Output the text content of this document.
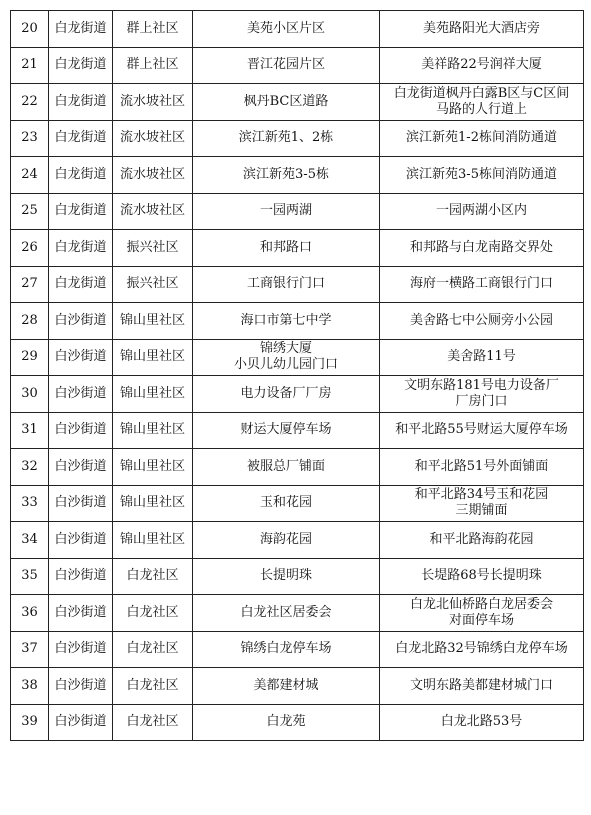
20	白龙街道	群上社区	美苑小区片区	美苑路阳光大酒店旁

21	白龙街道	群上社区	晋江花园片区	美祥路22号润祥大厦

22	白龙街道	流水坡社区	枫丹BC区道路	白龙街道枫丹白露B区与C区间
马路的人行道上

23	白龙街道	流水坡社区	滨江新苑1、2栋	滨江新苑1-2栋间消防通道

24	白龙街道	流水坡社区	滨江新苑3-5栋	滨江新苑3-5栋间消防通道

25	白龙街道	流水坡社区	一园两湖	一园两湖小区内

26	白龙街道	振兴社区	和邦路口	和邦路与白龙南路交界处

27	白龙街道	振兴社区	工商银行门口	海府一横路工商银行门口

28	白沙街道	锦山里社区	海口市第七中学	美舍路七中公厕旁小公园

29	白沙街道	锦山里社区	锦绣大厦
小贝儿幼儿园门口	美舍路11号

30	白沙街道	锦山里社区	电力设备厂厂房	文明东路181号电力设备厂
厂房门口

31	白沙街道	锦山里社区	财运大厦停车场	和平北路55号财运大厦停车场

32	白沙街道	锦山里社区	被服总厂铺面	和平北路51号外面铺面

33	白沙街道	锦山里社区	玉和花园	和平北路34号玉和花园
三期铺面

34	白沙街道	锦山里社区	海韵花园	和平北路海韵花园

35	白沙街道	白龙社区	长提明珠	长堤路68号长提明珠

36	白沙街道	白龙社区	白龙社区居委会	白龙北仙桥路白龙居委会
对面停车场

37	白沙街道	白龙社区	锦绣白龙停车场	白龙北路32号锦绣白龙停车场

38	白沙街道	白龙社区	美都建材城	文明东路美都建材城门口

39	白沙街道	白龙社区	白龙苑	白龙北路53号
